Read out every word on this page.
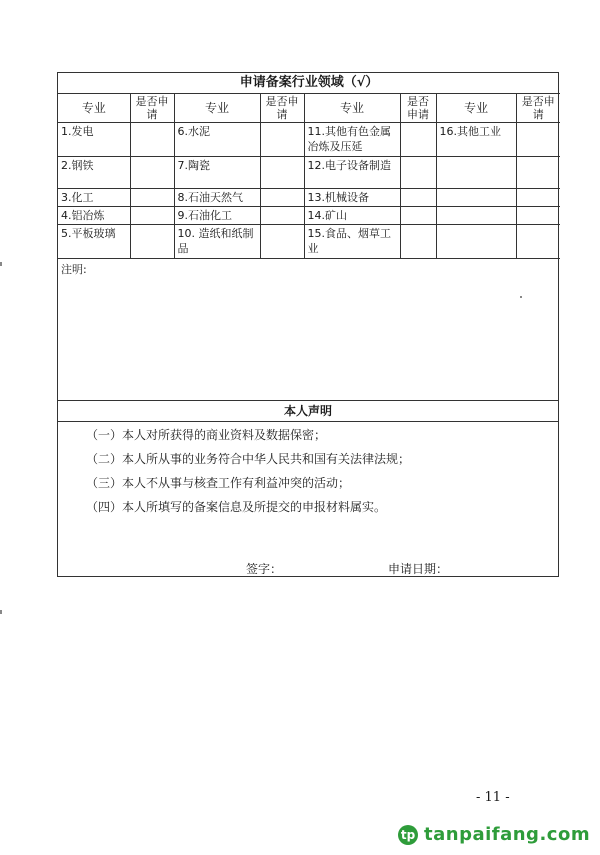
申请备案行业领域（√）							
专业	是否申请	专业	是否申请	专业	是否申请	专业	是否申请
1.发电		6.水泥		11.其他有色金属冶炼及压延		16.其他工业	
2.钢铁		7.陶瓷		12.电子设备制造			
3.化工		8.石油天然气		13.机械设备			
4.铝冶炼		9.石油化工		14.矿山			
5.平板玻璃		10. 造纸和纸制品		15.食品、烟草工业			
注明:
本人声明
（一）本人对所获得的商业资料及数据保密；
（二）本人所从事的业务符合中华人民共和国有关法律法规；
（三）本人不从事与核查工作有利益冲突的活动；
（四）本人所填写的备案信息及所提交的申报材料属实。
签字：	申请日期：
- 11 -
tp tanpaifang.com
